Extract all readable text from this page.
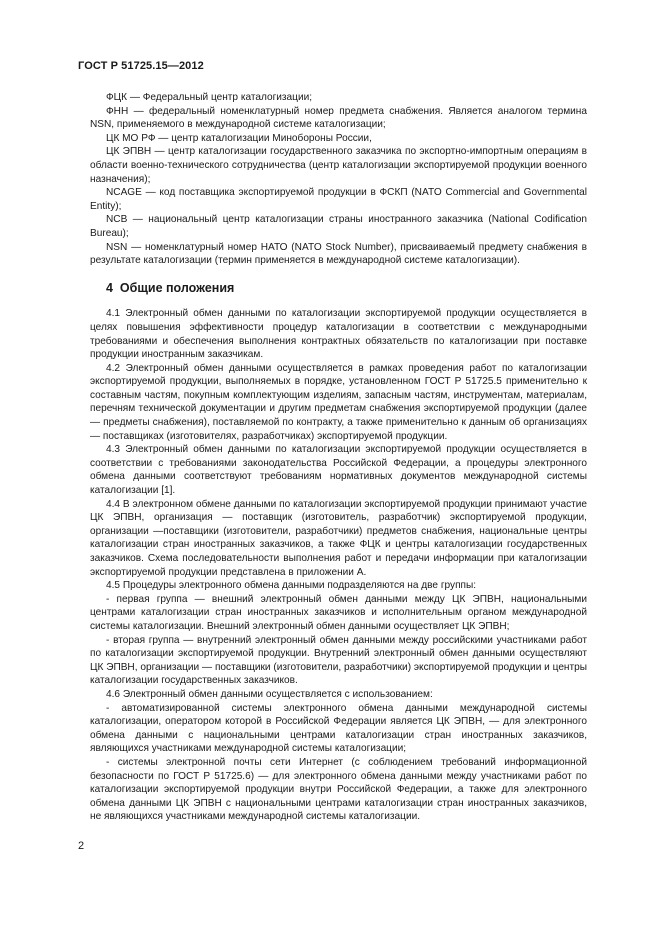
ГОСТ Р 51725.15—2012

ФЦК — Федеральный центр каталогизации;

ФНН — федеральный номенклатурный номер предмета снабжения. Является аналогом термина NSN, применяемого в международной системе каталогизации;

ЦК МО РФ — центр каталогизации Минобороны России,

ЦК ЭПВН — центр каталогизации государственного заказчика по экспортно-импортным операциям в области военно-технического сотрудничества (центр каталогизации экспортируемой продукции военного назначения);

NCAGE — код поставщика экспортируемой продукции в ФСКП (NATO Commercial and Governmental Entity);

NCB — национальный центр каталогизации страны иностранного заказчика (National Codification Bureau);

NSN — номенклатурный номер НАТО (NATO Stock Number), присваиваемый предмету снабжения в результате каталогизации (термин применяется в международной системе каталогизации).

4 Общие положения

4.1 Электронный обмен данными по каталогизации экспортируемой продукции осуществляется в целях повышения эффективности процедур каталогизации в соответствии с международными требованиями и обеспечения выполнения контрактных обязательств по каталогизации при поставке продукции иностранным заказчикам.

4.2 Электронный обмен данными осуществляется в рамках проведения работ по каталогизации экспортируемой продукции, выполняемых в порядке, установленном ГОСТ Р 51725.5 применительно к составным частям, покупным комплектующим изделиям, запасным частям, инструментам, материалам, перечням технической документации и другим предметам снабжения экспортируемой продукции (далее — предметы снабжения), поставляемой по контракту, а также применительно к данным об организациях — поставщиках (изготовителях, разработчиках) экспортируемой продукции.

4.3 Электронный обмен данными по каталогизации экспортируемой продукции осуществляется в соответствии с требованиями законодательства Российской Федерации, а процедуры электронного обмена данными соответствуют требованиям нормативных документов международной системы каталогизации [1].

4.4 В электронном обмене данными по каталогизации экспортируемой продукции принимают участие ЦК ЭПВН, организация — поставщик (изготовитель, разработчик) экспортируемой продукции, организации —поставщики (изготовители, разработчики) предметов снабжения, национальные центры каталогизации стран иностранных заказчиков, а также ФЦК и центры каталогизации государственных заказчиков. Схема последовательности выполнения работ и передачи информации при каталогизации экспортируемой продукции представлена в приложении А.

4.5 Процедуры электронного обмена данными подразделяются на две группы:

- первая группа — внешний электронный обмен данными между ЦК ЭПВН, национальными центрами каталогизации стран иностранных заказчиков и исполнительным органом международной системы каталогизации. Внешний электронный обмен данными осуществляет ЦК ЭПВН;

- вторая группа — внутренний электронный обмен данными между российскими участниками работ по каталогизации экспортируемой продукции. Внутренний электронный обмен данными осуществляют ЦК ЭПВН, организации — поставщики (изготовители, разработчики) экспортируемой продукции и центры каталогизации государственных заказчиков.

4.6 Электронный обмен данными осуществляется с использованием:

- автоматизированной системы электронного обмена данными международной системы каталогизации, оператором которой в Российской Федерации является ЦК ЭПВН, — для электронного обмена данными с национальными центрами каталогизации стран иностранных заказчиков, являющихся участниками международной системы каталогизации;

- системы электронной почты сети Интернет (с соблюдением требований информационной безопасности по ГОСТ Р 51725.6) — для электронного обмена данными между участниками работ по каталогизации экспортируемой продукции внутри Российской Федерации, а также для электронного обмена данными ЦК ЭПВН с национальными центрами каталогизации стран иностранных заказчиков, не являющихся участниками международной системы каталогизации.

2
